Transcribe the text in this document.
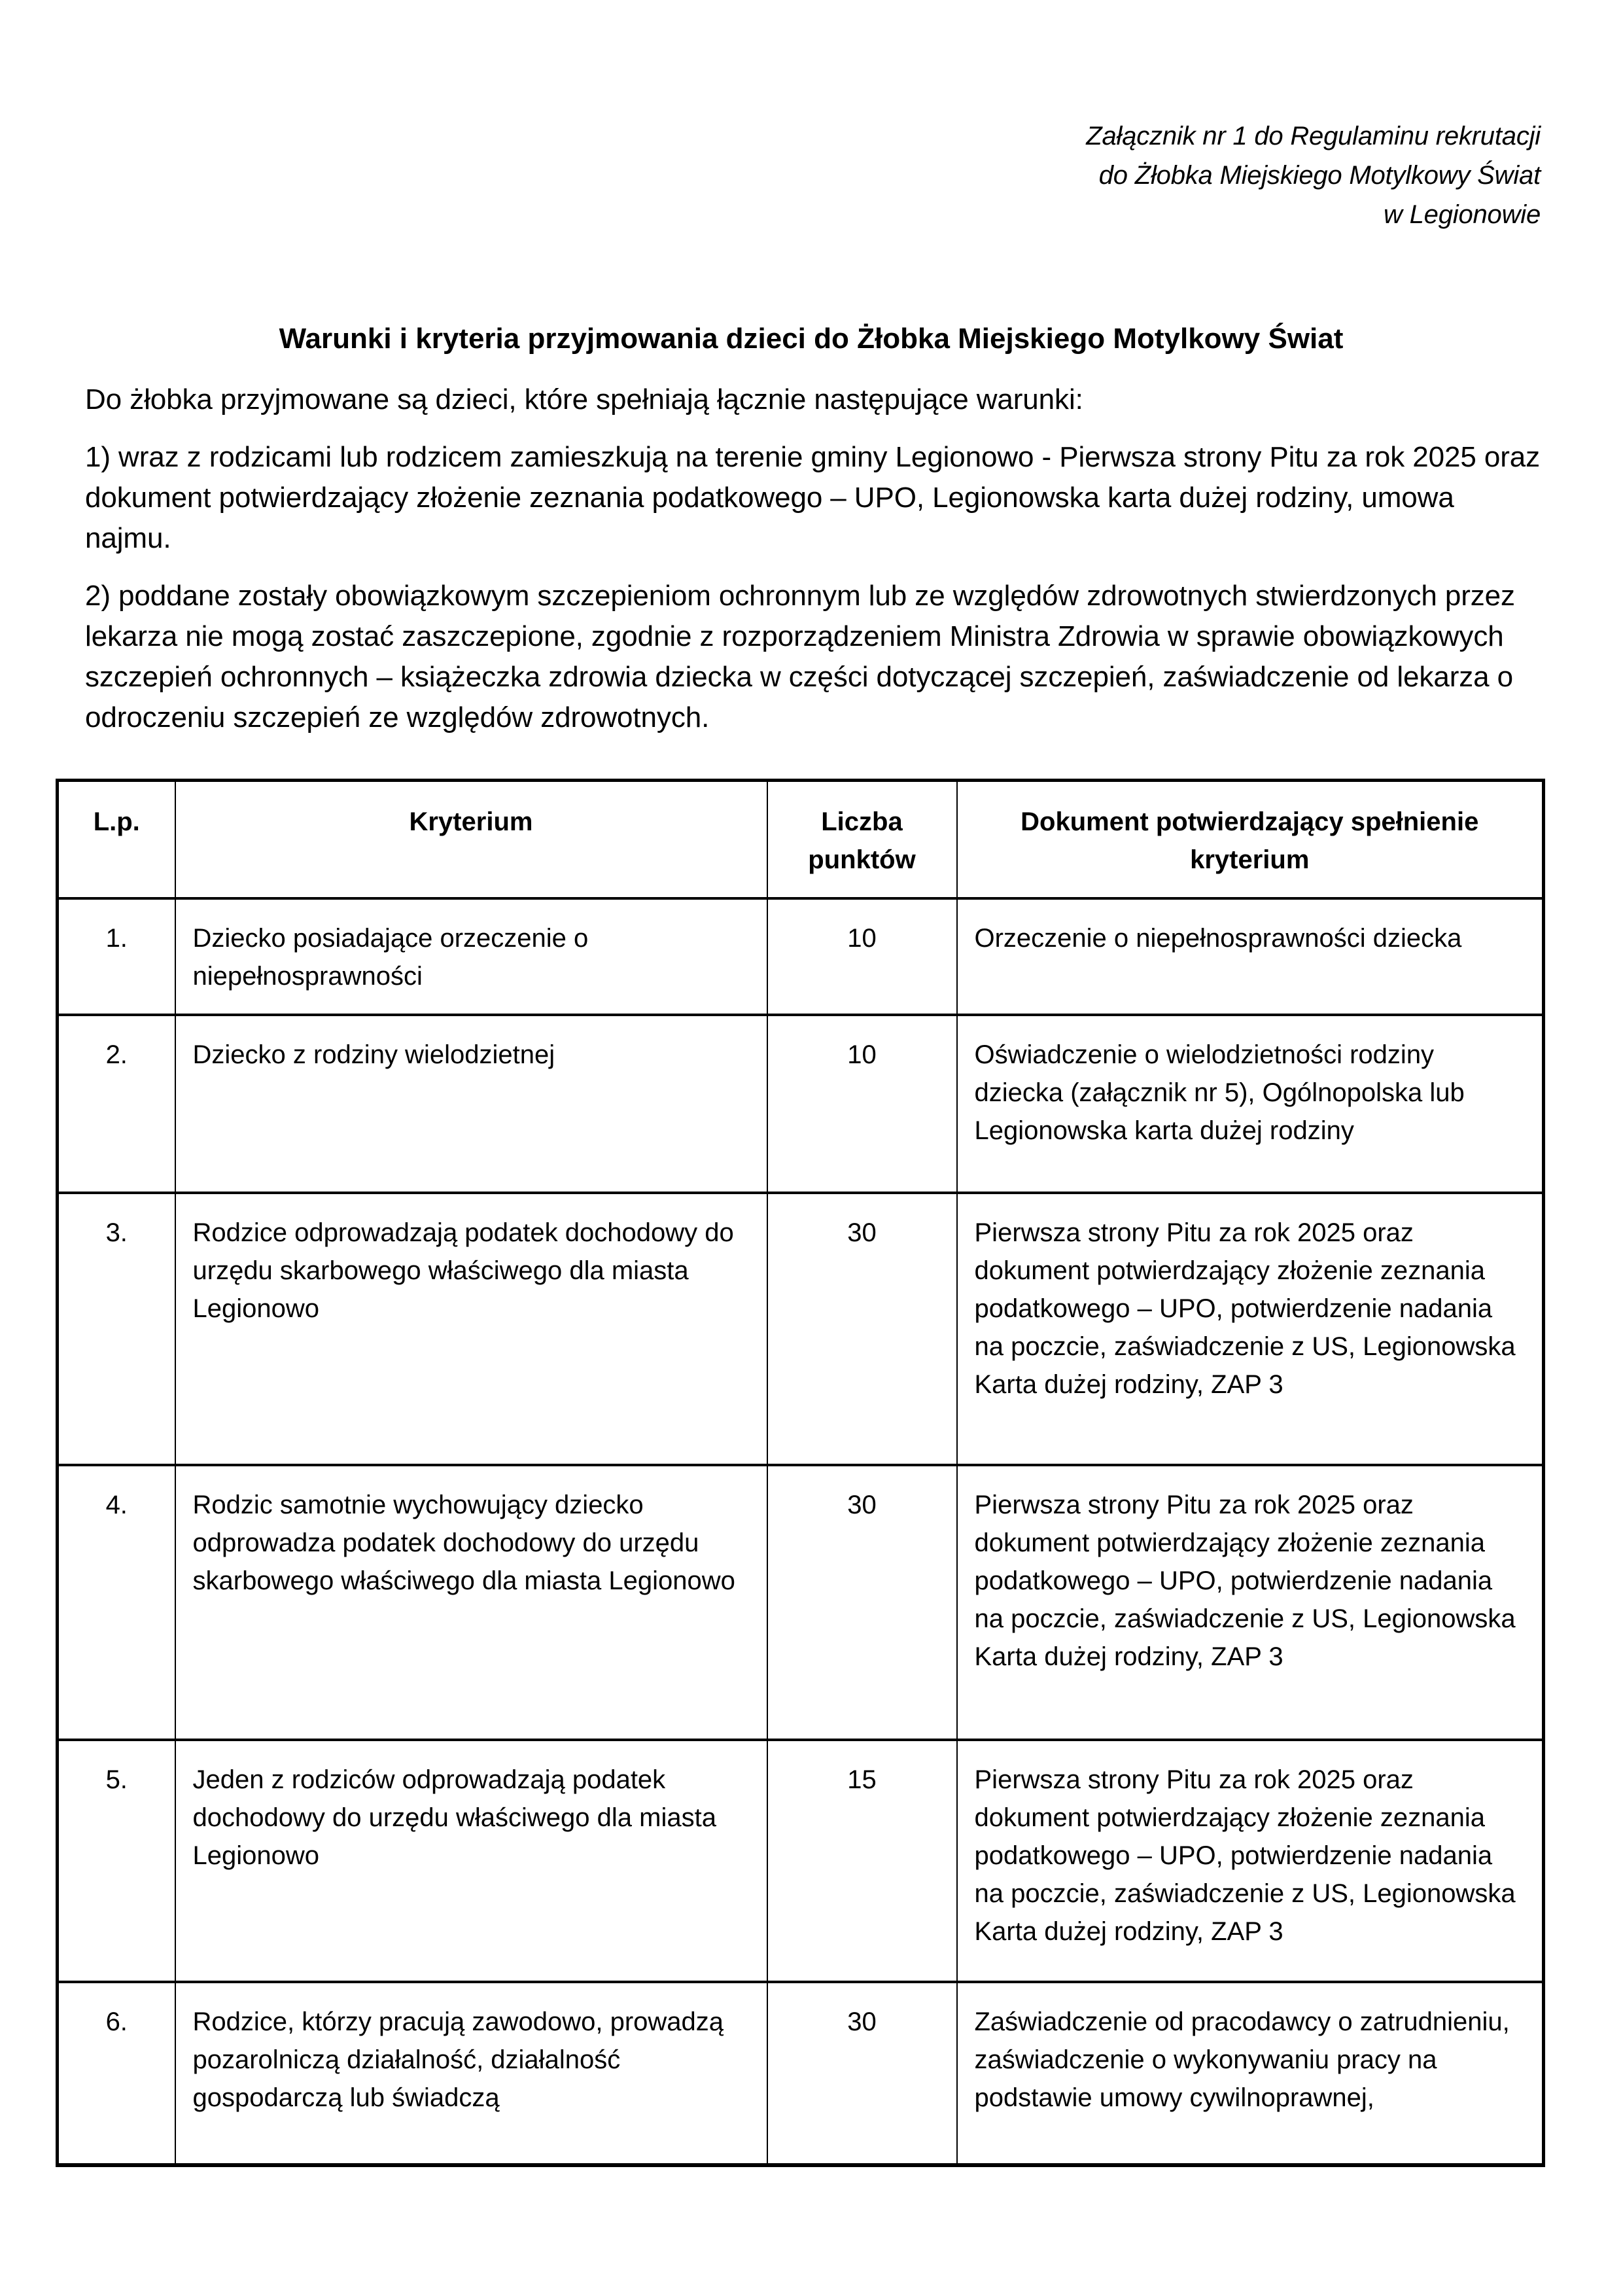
Załącznik nr 1 do Regulaminu rekrutacji
do Żłobka Miejskiego Motylkowy Świat
w Legionowie
Warunki i kryteria przyjmowania dzieci do Żłobka Miejskiego Motylkowy Świat

Do żłobka przyjmowane są dzieci, które spełniają łącznie następujące warunki:

1) wraz z rodzicami lub rodzicem zamieszkują na terenie gminy Legionowo - Pierwsza strony Pitu za rok 2025 oraz dokument potwierdzający złożenie zeznania podatkowego – UPO, Legionowska karta dużej rodziny, umowa najmu.

2) poddane zostały obowiązkowym szczepieniom ochronnym lub ze względów zdrowotnych stwierdzonych przez lekarza nie mogą zostać zaszczepione, zgodnie z rozporządzeniem Ministra Zdrowia w sprawie obowiązkowych szczepień ochronnych – książeczka zdrowia dziecka w części dotyczącej szczepień, zaświadczenie od lekarza o odroczeniu szczepień ze względów zdrowotnych.

L.p.	Kryterium	Liczba punktów	Dokument potwierdzający spełnienie kryterium

1.	Dziecko posiadające orzeczenie o niepełnosprawności	10	Orzeczenie o niepełnosprawności dziecka

2.	Dziecko z rodziny wielodzietnej	10	Oświadczenie o wielodzietności rodziny dziecka (załącznik nr 5), Ogólnopolska lub Legionowska karta dużej rodziny

3.	Rodzice odprowadzają podatek dochodowy do urzędu skarbowego właściwego dla miasta Legionowo	30	Pierwsza strony Pitu za rok 2025 oraz dokument potwierdzający złożenie zeznania podatkowego – UPO, potwierdzenie nadania na poczcie, zaświadczenie z US, Legionowska Karta dużej rodziny, ZAP 3

4.	Rodzic samotnie wychowujący dziecko odprowadza podatek dochodowy do urzędu skarbowego właściwego dla miasta Legionowo	30	Pierwsza strony Pitu za rok 2025 oraz dokument potwierdzający złożenie zeznania podatkowego – UPO, potwierdzenie nadania na poczcie, zaświadczenie z US, Legionowska Karta dużej rodziny, ZAP 3

5.	Jeden z rodziców odprowadzają podatek dochodowy do urzędu właściwego dla miasta Legionowo	15	Pierwsza strony Pitu za rok 2025 oraz dokument potwierdzający złożenie zeznania podatkowego – UPO, potwierdzenie nadania na poczcie, zaświadczenie z US, Legionowska Karta dużej rodziny, ZAP 3

6.	Rodzice, którzy pracują zawodowo, prowadzą pozarolniczą działalność, działalność gospodarczą lub świadczą	30	Zaświadczenie od pracodawcy o zatrudnieniu, zaświadczenie o wykonywaniu pracy na podstawie umowy cywilnoprawnej,
